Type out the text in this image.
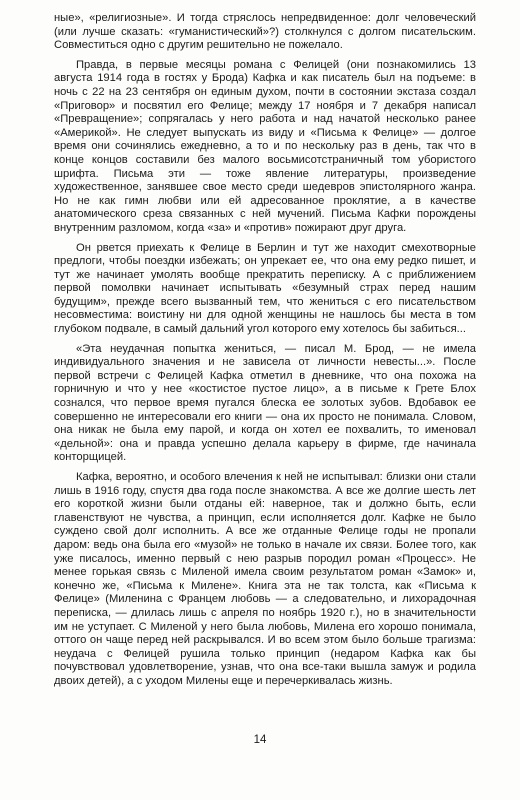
ные», «религиозные». И тогда стряслось непредвиденное: долг человеческий (или лучше сказать: «гуманистический»?) столкнулся с долгом писательским. Совместиться одно с другим решительно не пожелало.

Правда, в первые месяцы романа с Фелицей (они познакомились 13 августа 1914 года в гостях у Брода) Кафка и как писатель был на подъеме: в ночь с 22 на 23 сентября он единым духом, почти в состоянии экстаза создал «Приговор» и посвятил его Фелице; между 17 ноября и 7 декабря написал «Превращение»; сопрягалась у него работа и над начатой несколько ранее «Америкой». Не следует выпускать из виду и «Письма к Фелице» — долгое время они сочинялись ежедневно, а то и по нескольку раз в день, так что в конце концов составили без малого восьмисотстраничный том убористого шрифта. Письма эти — тоже явление литературы, произведение художественное, занявшее свое место среди шедевров эпистолярного жанра. Но не как гимн любви или ей адресованное проклятие, а в качестве анатомического среза связанных с ней мучений. Письма Кафки порождены внутренним разломом, когда «за» и «против» пожирают друг друга.

Он рвется приехать к Фелице в Берлин и тут же находит смехотворные предлоги, чтобы поездки избежать; он упрекает ее, что она ему редко пишет, и тут же начинает умолять вообще прекратить переписку. А с приближением первой помолвки начинает испытывать «безумный страх перед нашим будущим», прежде всего вызванный тем, что жениться с его писательством несовместима: воистину ни для одной женщины не нашлось бы места в том глубоком подвале, в самый дальний угол которого ему хотелось бы забиться...

«Эта неудачная попытка жениться, — писал М. Брод, — не имела индивидуального значения и не зависела от личности невесты...». После первой встречи с Фелицей Кафка отметил в дневнике, что она похожа на горничную и что у нее «костистое пустое лицо», а в письме к Грете Блох сознался, что первое время пугался блеска ее золотых зубов. Вдобавок ее совершенно не интересовали его книги — она их просто не понимала. Словом, она никак не была ему парой, и когда он хотел ее похвалить, то именовал «дельной»: она и правда успешно делала карьеру в фирме, где начинала конторщицей.

Кафка, вероятно, и особого влечения к ней не испытывал: близки они стали лишь в 1916 году, спустя два года после знакомства. А все же долгие шесть лет его короткой жизни были отданы ей: наверное, так и должно быть, если главенствуют не чувства, а принцип, если исполняется долг. Кафке не было суждено свой долг исполнить. А все же отданные Фелице годы не пропали даром: ведь она была его «музой» не только в начале их связи. Более того, как уже писалось, именно первый с нею разрыв породил роман «Процесс». Не менее горькая связь с Миленой имела своим результатом роман «Замок» и, конечно же, «Письма к Милене». Книга эта не так толста, как «Письма к Фелице» (Миленина с Францем любовь — а следовательно, и лихорадочная переписка, — длилась лишь с апреля по ноябрь 1920 г.), но в значительности им не уступает. С Миленой у него была любовь, Милена его хорошо понимала, оттого он чаще перед ней раскрывался. И во всем этом было больше трагизма: неудача с Фелицей рушила только принцип (недаром Кафка как бы почувствовал удовлетворение, узнав, что она все-таки вышла замуж и родила двоих детей), а с уходом Милены еще и перечеркивалась жизнь.

14
